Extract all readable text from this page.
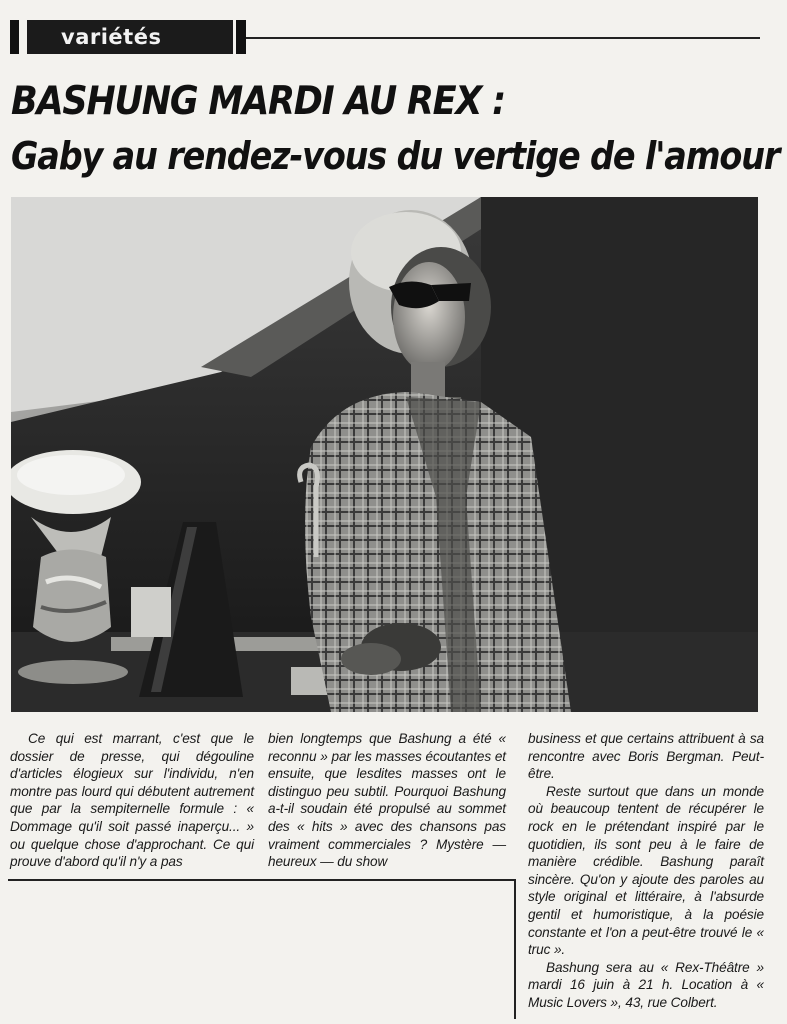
variétés
BASHUNG MARDI AU REX :
Gaby au rendez-vous du vertige de l'amour

Ce qui est marrant, c'est que le dossier de presse, qui dégouline d'articles élogieux sur l'individu, n'en montre pas lourd qui débutent autrement que par la sempiternelle formule : « Dommage qu'il soit passé inaperçu... » ou quelque chose d'approchant. Ce qui prouve d'abord qu'il n'y a pas

bien longtemps que Bashung a été « reconnu » par les masses écoutantes et ensuite, que lesdites masses ont le distinguo peu subtil. Pourquoi Bashung a-t-il soudain été propulsé au sommet des « hits » avec des chansons pas vraiment commerciales ? Mystère — heureux — du show

business et que certains attribuent à sa rencontre avec Boris Bergman. Peut-être.

Reste surtout que dans un monde où beaucoup tentent de récupérer le rock en le prétendant inspiré par le quotidien, ils sont peu à le faire de manière crédible. Bashung paraît sincère. Qu'on y ajoute des paroles au style original et littéraire, à l'absurde gentil et humoristique, à la poésie constante et l'on a peut-être trouvé le « truc ».

Bashung sera au « Rex-Théâtre » mardi 16 juin à 21 h. Location à « Music Lovers », 43, rue Colbert.
